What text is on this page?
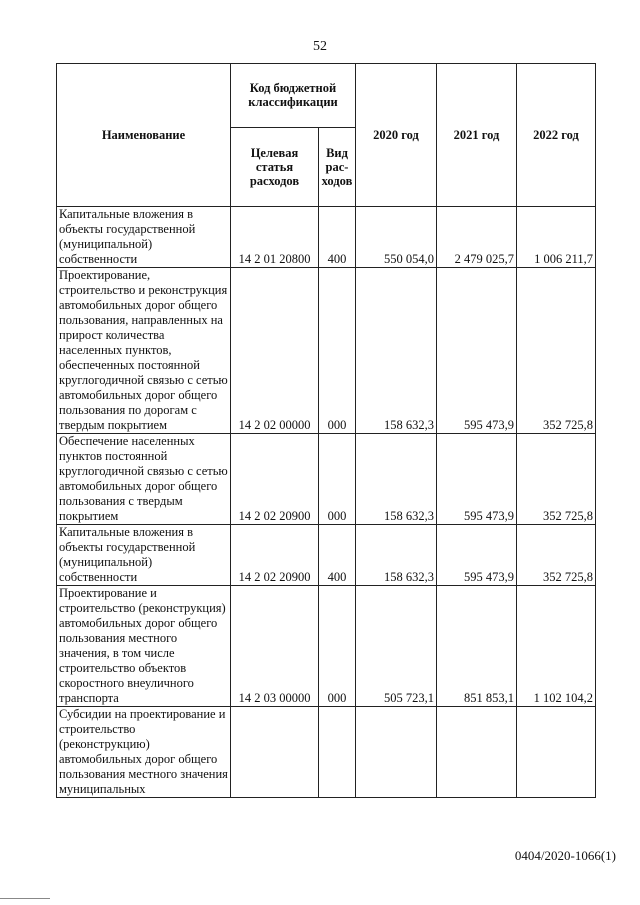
52
Наименование	Код бюджетной классификации		2020 год	2021 год	2022 год
	Целевая статья расходов	Вид рас-ходов			
Капитальные вложения в объекты государственной (муниципальной) собственности	14 2 01 20800	400	550 054,0	2 479 025,7	1 006 211,7
Проектирование, строительство и реконструкция автомобильных дорог общего пользования, направленных на прирост количества населенных пунктов, обеспеченных постоянной круглогодичной связью с сетью автомобильных дорог общего пользования по дорогам с твердым покрытием	14 2 02 00000	000	158 632,3	595 473,9	352 725,8
Обеспечение населенных пунктов постоянной круглогодичной связью с сетью автомобильных дорог общего пользования с твердым покрытием	14 2 02 20900	000	158 632,3	595 473,9	352 725,8
Капитальные вложения в объекты государственной (муниципальной) собственности	14 2 02 20900	400	158 632,3	595 473,9	352 725,8
Проектирование и строительство (реконструкция) автомобильных дорог общего пользования местного значения, в том числе строительство объектов скоростного внеуличного транспорта	14 2 03 00000	000	505 723,1	851 853,1	1 102 104,2
Субсидии на проектирование и строительство (реконструкцию) автомобильных дорог общего пользования местного значения муниципальных					
0404/2020-1066(1)
